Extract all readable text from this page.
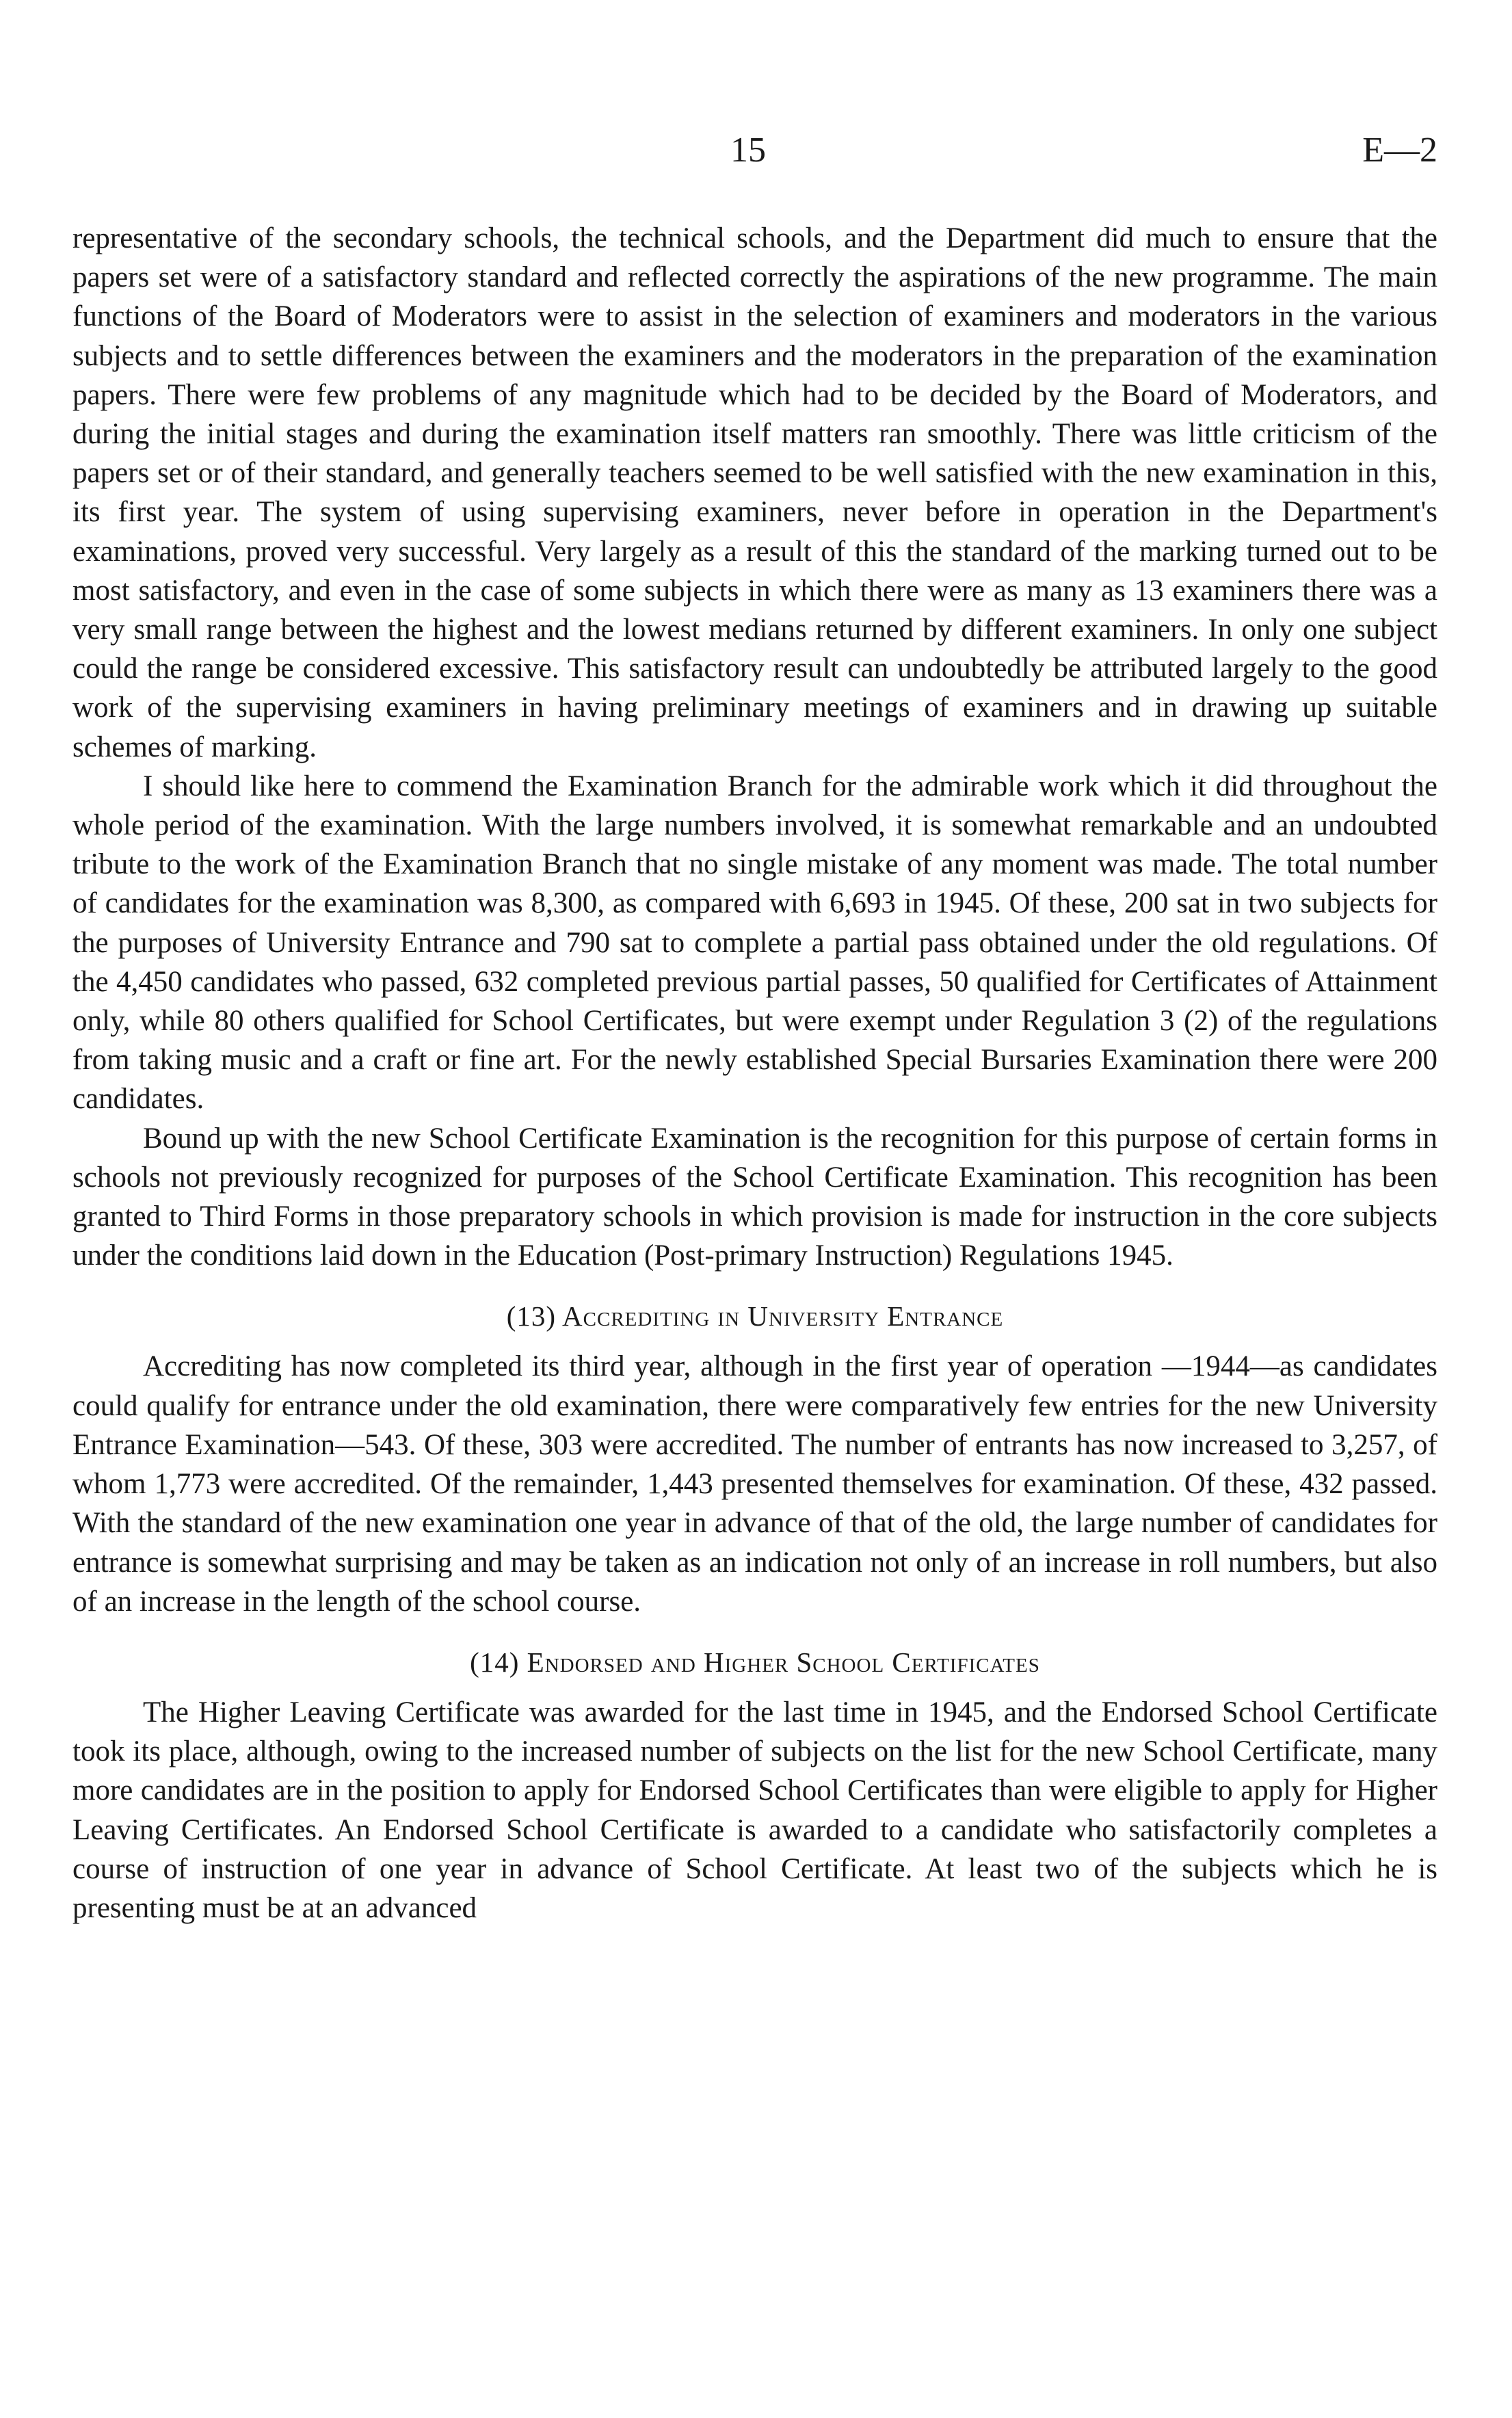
15	E—2

representative of the secondary schools, the technical schools, and the Department did much to ensure that the papers set were of a satisfactory standard and reflected correctly the aspirations of the new programme. The main functions of the Board of Moderators were to assist in the selection of examiners and moderators in the various subjects and to settle differences between the examiners and the moderators in the preparation of the examination papers. There were few problems of any magnitude which had to be decided by the Board of Moderators, and during the initial stages and during the examination itself matters ran smoothly. There was little criticism of the papers set or of their standard, and generally teachers seemed to be well satisfied with the new examination in this, its first year. The system of using supervising examiners, never before in operation in the Department's examinations, proved very successful. Very largely as a result of this the standard of the marking turned out to be most satisfactory, and even in the case of some subjects in which there were as many as 13 examiners there was a very small range between the highest and the lowest medians returned by different examiners. In only one subject could the range be considered excessive. This satisfactory result can undoubtedly be attributed largely to the good work of the supervising examiners in having preliminary meetings of examiners and in drawing up suitable schemes of marking.

I should like here to commend the Examination Branch for the admirable work which it did throughout the whole period of the examination. With the large numbers involved, it is somewhat remarkable and an undoubted tribute to the work of the Examination Branch that no single mistake of any moment was made. The total number of candidates for the examination was 8,300, as compared with 6,693 in 1945. Of these, 200 sat in two subjects for the purposes of University Entrance and 790 sat to complete a partial pass obtained under the old regulations. Of the 4,450 candidates who passed, 632 completed previous partial passes, 50 qualified for Certificates of Attainment only, while 80 others qualified for School Certificates, but were exempt under Regulation 3 (2) of the regulations from taking music and a craft or fine art. For the newly established Special Bursaries Examination there were 200 candidates.

Bound up with the new School Certificate Examination is the recognition for this purpose of certain forms in schools not previously recognized for purposes of the School Certificate Examination. This recognition has been granted to Third Forms in those preparatory schools in which provision is made for instruction in the core subjects under the conditions laid down in the Education (Post-primary Instruction) Regulations 1945.

(13) Accrediting in University Entrance

Accrediting has now completed its third year, although in the first year of operation —1944—as candidates could qualify for entrance under the old examination, there were comparatively few entries for the new University Entrance Examination—543. Of these, 303 were accredited. The number of entrants has now increased to 3,257, of whom 1,773 were accredited. Of the remainder, 1,443 presented themselves for examination. Of these, 432 passed. With the standard of the new examination one year in advance of that of the old, the large number of candidates for entrance is somewhat surprising and may be taken as an indication not only of an increase in roll numbers, but also of an increase in the length of the school course.

(14) Endorsed and Higher School Certificates

The Higher Leaving Certificate was awarded for the last time in 1945, and the Endorsed School Certificate took its place, although, owing to the increased number of subjects on the list for the new School Certificate, many more candidates are in the position to apply for Endorsed School Certificates than were eligible to apply for Higher Leaving Certificates. An Endorsed School Certificate is awarded to a candidate who satisfactorily completes a course of instruction of one year in advance of School Certificate. At least two of the subjects which he is presenting must be at an advanced
